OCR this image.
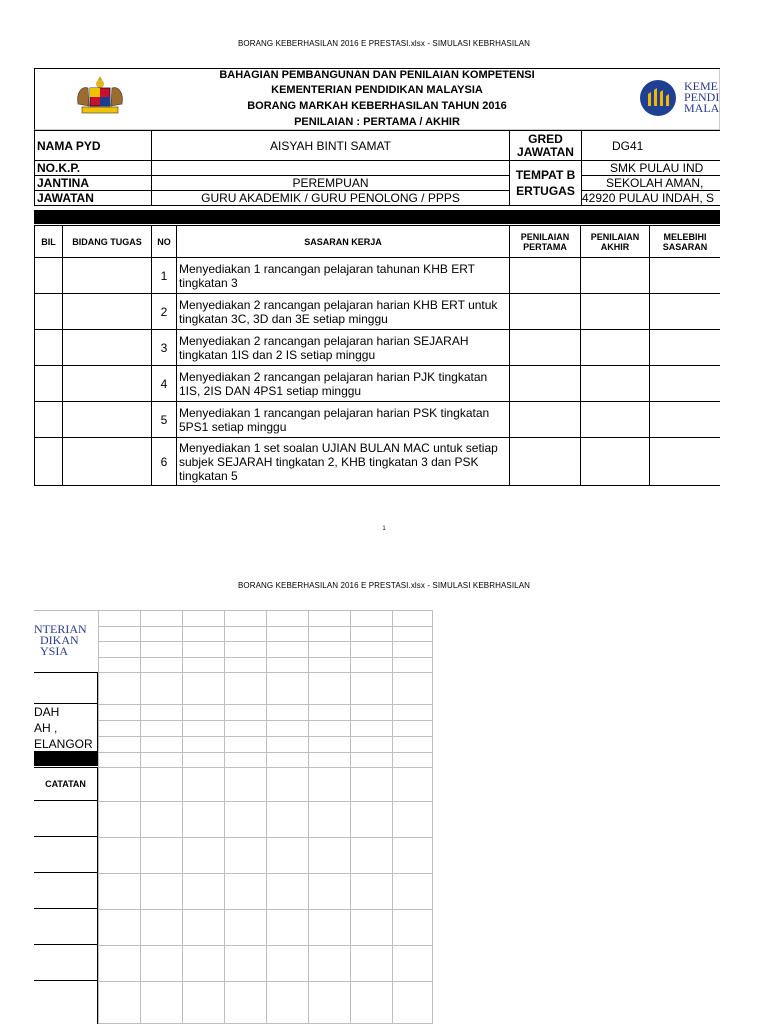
BORANG KEBERHASILAN 2016 E PRESTASI.xlsx - SIMULASI KEBRHASILAN
BAHAGIAN PEMBANGUNAN DAN PENILAIAN KOMPETENSI
KEMENTERIAN PENDIDIKAN MALAYSIA
BORANG MARKAH KEBERHASILAN TAHUN 2016
PENILAIAN : PERTAMA / AKHIR
KEME
PENDI
MALA
NAMA PYD	AISYAH BINTI SAMAT	GRED JAWATAN	DG41
NO.K.P.		TEMPAT BERTUGAS	SMK PULAU IND
JANTINA	PEREMPUAN		SEKOLAH AMAN,
JAWATAN	GURU AKADEMIK / GURU PENOLONG / PPPS		42920 PULAU INDAH, S
BIL	BIDANG TUGAS	NO	SASARAN KERJA	PENILAIAN PERTAMA	PENILAIAN AKHIR	MELEBIHI SASARAN
		1	Menyediakan 1 rancangan pelajaran tahunan KHB ERT tingkatan 3			
		2	Menyediakan 2 rancangan pelajaran harian KHB ERT untuk tingkatan 3C, 3D dan 3E setiap minggu			
		3	Menyediakan 2 rancangan pelajaran harian SEJARAH tingkatan 1IS dan 2 IS setiap minggu			
		4	Menyediakan 2 rancangan pelajaran harian PJK tingkatan 1IS, 2IS DAN 4PS1 setiap minggu			
		5	Menyediakan 1 rancangan pelajaran harian PSK tingkatan 5PS1 setiap minggu			
		6	Menyediakan 1 set soalan UJIAN BULAN MAC untuk setiap subjek SEJARAH tingkatan 2, KHB tingkatan 3 dan PSK tingkatan 5			
1
BORANG KEBERHASILAN 2016 E PRESTASI.xlsx - SIMULASI KEBRHASILAN
NTERIAN
DIKAN
YSIA
DAH
AH ,
ELANGOR
CATATAN
